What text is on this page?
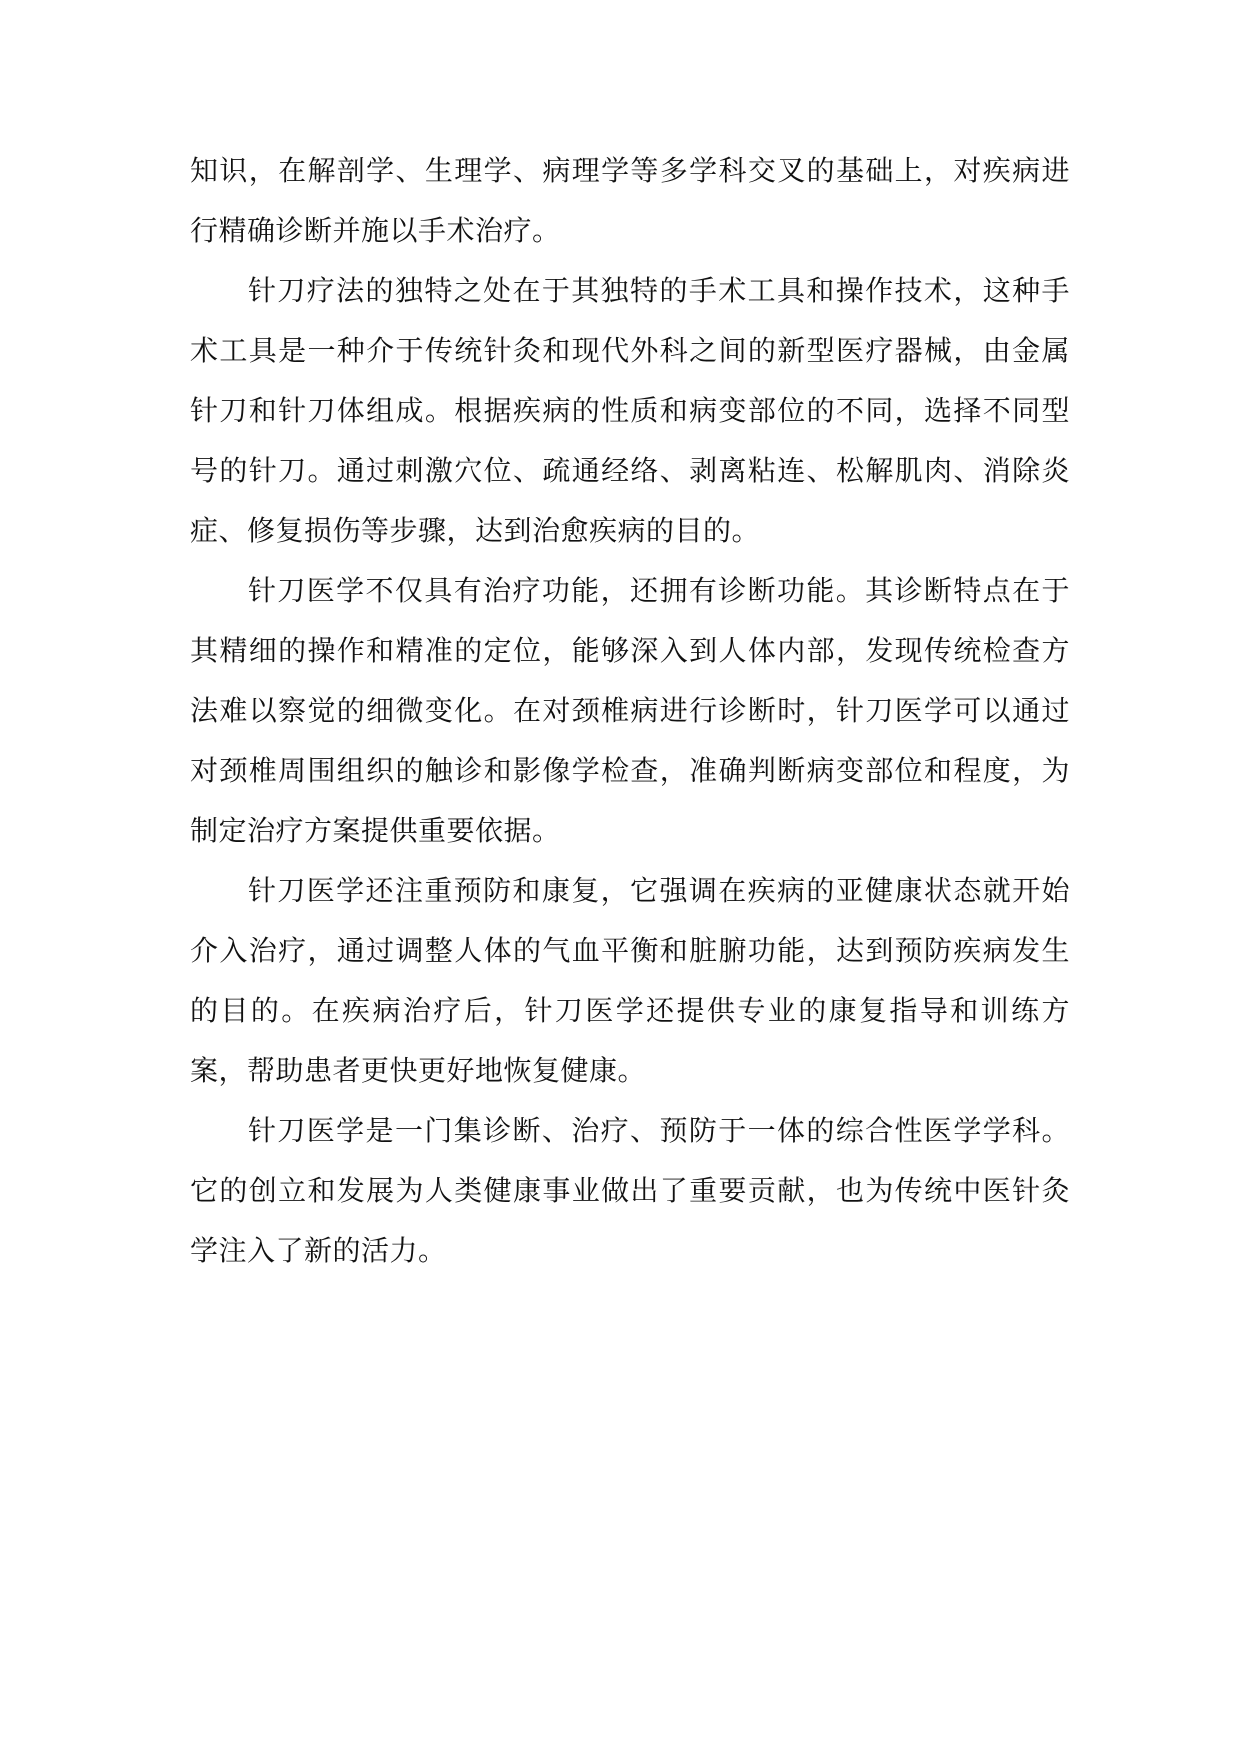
知识，在解剖学、生理学、病理学等多学科交叉的基础上，对疾病进行精确诊断并施以手术治疗。

针刀疗法的独特之处在于其独特的手术工具和操作技术，这种手术工具是一种介于传统针灸和现代外科之间的新型医疗器械，由金属针刀和针刀体组成。根据疾病的性质和病变部位的不同，选择不同型号的针刀。通过刺激穴位、疏通经络、剥离粘连、松解肌肉、消除炎症、修复损伤等步骤，达到治愈疾病的目的。

针刀医学不仅具有治疗功能，还拥有诊断功能。其诊断特点在于其精细的操作和精准的定位，能够深入到人体内部，发现传统检查方法难以察觉的细微变化。在对颈椎病进行诊断时，针刀医学可以通过对颈椎周围组织的触诊和影像学检查，准确判断病变部位和程度，为制定治疗方案提供重要依据。

针刀医学还注重预防和康复，它强调在疾病的亚健康状态就开始介入治疗，通过调整人体的气血平衡和脏腑功能，达到预防疾病发生的目的。在疾病治疗后，针刀医学还提供专业的康复指导和训练方案，帮助患者更快更好地恢复健康。

针刀医学是一门集诊断、治疗、预防于一体的综合性医学学科。它的创立和发展为人类健康事业做出了重要贡献，也为传统中医针灸学注入了新的活力。
